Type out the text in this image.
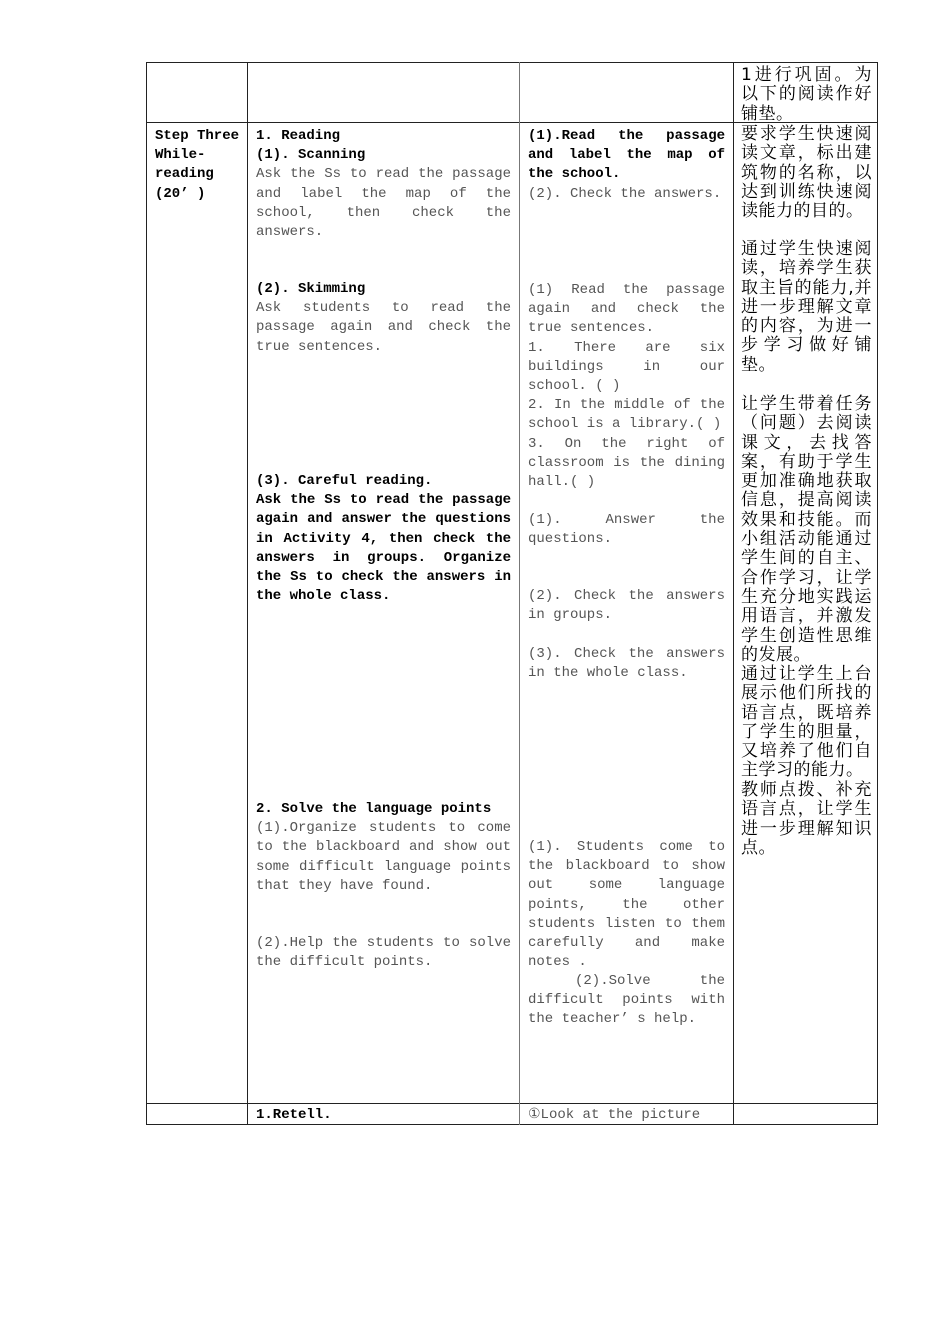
1进行巩固。为以下的阅读作好铺垫。

Step Three

While-

reading

(20’ )

1. Reading

(1). Scanning

Ask the Ss to read the passage and label the map of the school, then check the answers.

(2). Skimming

Ask students to read the passage again and check the true sentences.

(3). Careful reading.

Ask the Ss to read the passage again and answer the questions in Activity 4, then check the answers in groups. Organize the Ss to check the answers in the whole class.

2. Solve the language points

(1).Organize students to come to the blackboard and show out some difficult language points that they have found.

(2).Help the students to solve the difficult points.

(1).Read the passage and label the map of the school.

(2). Check the answers.

(1) Read the passage again and check the true sentences.

1. There are six buildings in our school. ( )

2. In the middle of the school is a library.( )

3. On the right of classroom is the dining hall.( )

(1). Answer the questions.
(2). Check the answers in groups.
(3). Check the answers in the whole class.
(1). Students come to the blackboard to show out some language points, the other students listen to them carefully and make notes .
(2).Solve the difficult points with the teacher’ s help.
要求学生快速阅读文章，标出建筑物的名称，以达到训练快速阅读能力的目的。
通过学生快速阅读，培养学生获取主旨的能力,并进一步理解文章的内容，为进一步学习做好铺垫。
让学生带着任务（问题）去阅读课文，去找答案，有助于学生更加准确地获取信息，提高阅读效果和技能。而小组活动能通过学生间的自主、合作学习，让学生充分地实践运用语言，并激发学生创造性思维的发展。
通过让学生上台展示他们所找的语言点，既培养了学生的胆量，又培养了他们自主学习的能力。
教师点拨、补充语言点，让学生进一步理解知识点。
1.Retell.	①Look at the picture
